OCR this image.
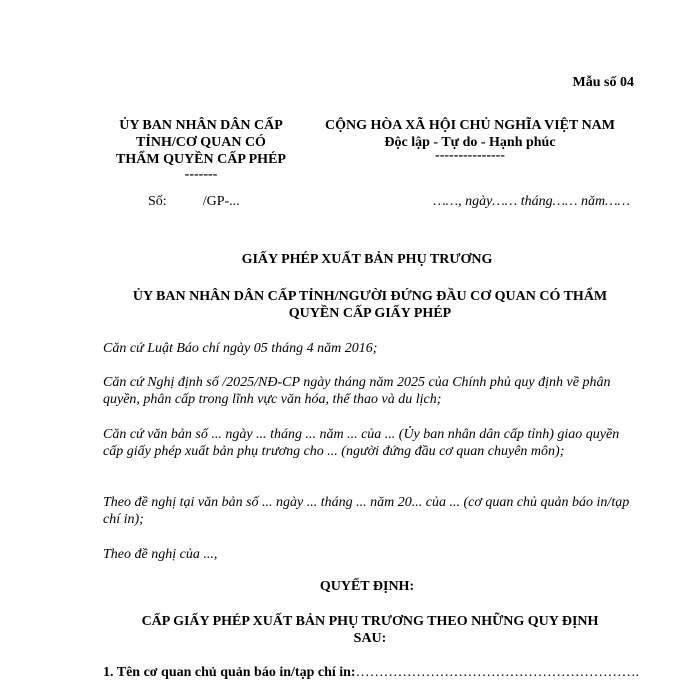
Mẫu số 04
ỦY BAN NHÂN DÂN CẤP
TỈNH/CƠ QUAN CÓ
THẨM QUYỀN CẤP PHÉP
-------
CỘNG HÒA XÃ HỘI CHỦ NGHĨA VIỆT NAM
Độc lập - Tự do - Hạnh phúc
---------------
Số:	/GP-...	……, ngày…… tháng…… năm……
GIẤY PHÉP XUẤT BẢN PHỤ TRƯƠNG
ỦY BAN NHÂN DÂN CẤP TỈNH/NGƯỜI ĐỨNG ĐẦU CƠ QUAN CÓ THẨM
QUYỀN CẤP GIẤY PHÉP
Căn cứ Luật Báo chí ngày 05 tháng 4 năm 2016;
Căn cứ Nghị định số /2025/NĐ-CP ngày tháng năm 2025 của Chính phủ quy định về phân quyền, phân cấp trong lĩnh vực văn hóa, thể thao và du lịch;
Căn cứ văn bản số ... ngày ... tháng ... năm ... của ... (Ủy ban nhân dân cấp tỉnh) giao quyền cấp giấy phép xuất bản phụ trương cho ... (người đứng đầu cơ quan chuyên môn);
Theo đề nghị tại văn bản số ... ngày ... tháng ... năm 20... của ... (cơ quan chủ quản báo in/tạp chí in);
Theo đề nghị của ...,
QUYẾT ĐỊNH:
CẤP GIẤY PHÉP XUẤT BẢN PHỤ TRƯƠNG THEO NHỮNG QUY ĐỊNH
SAU:
1. Tên cơ quan chủ quản báo in/tạp chí in:…………………………………………………….
